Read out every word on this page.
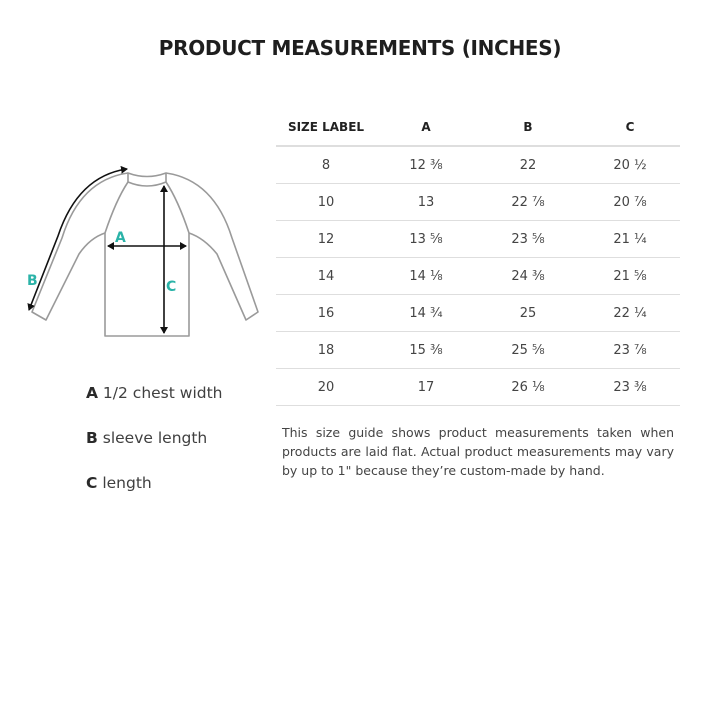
PRODUCT MEASUREMENTS (INCHES)
A
B	C
A 1/2 chest width
B sleeve length
C length
SIZE LABEL	A	B	C
8	12 ⅜	22	20 ½
10	13	22 ⅞	20 ⅞
12	13 ⅝	23 ⅝	21 ¼
14	14 ⅛	24 ⅜	21 ⅝
16	14 ¾	25	22 ¼
18	15 ⅜	25 ⅝	23 ⅞
20	17	26 ⅛	23 ⅜

This size guide shows product measurements taken when products are laid flat. Actual product measurements may vary by up to 1" because they’re custom-made by hand.
